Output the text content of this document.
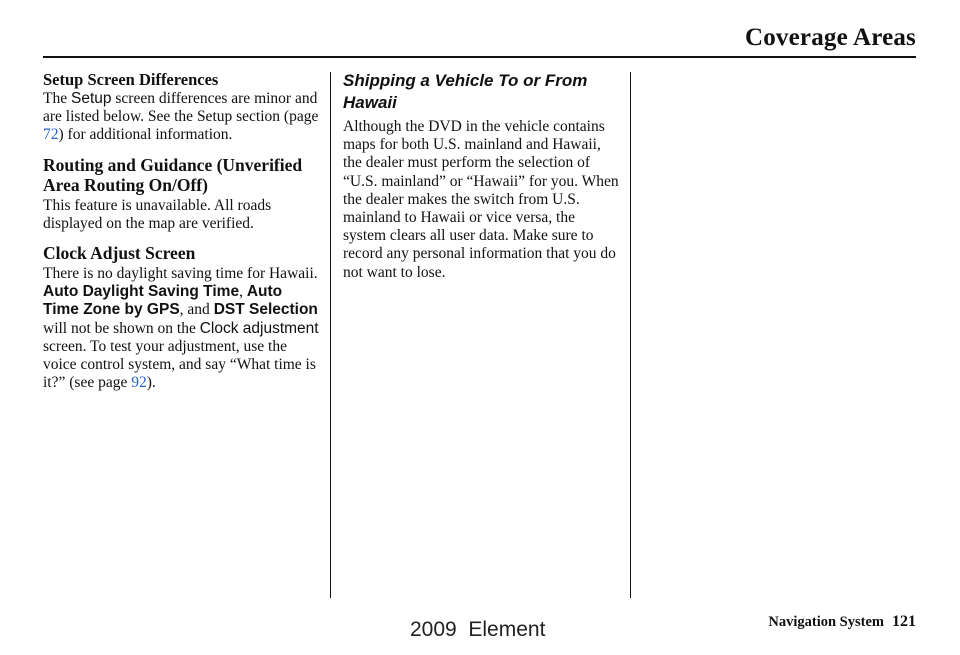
Coverage Areas
Setup Screen Differences

The Setup screen differences are minor and are listed below. See the Setup section (page 72) for additional information.

Routing and Guidance (Unverified Area Routing On/Off)

This feature is unavailable. All roads displayed on the map are verified.

Clock Adjust Screen

There is no daylight saving time for Hawaii. Auto Daylight Saving Time, Auto Time Zone by GPS, and DST Selection will not be shown on the Clock adjustment screen. To test your adjustment, use the voice control system, and say “What time is it?” (see page 92).

Shipping a Vehicle To or From Hawaii

Although the DVD in the vehicle contains maps for both U.S. mainland and Hawaii, the dealer must perform the selection of “U.S. mainland” or “Hawaii” for you. When the dealer makes the switch from U.S. mainland to Hawaii or vice versa, the system clears all user data. Make sure to record any personal information that you do not want to lose.

Navigation System 121
2009  Element
